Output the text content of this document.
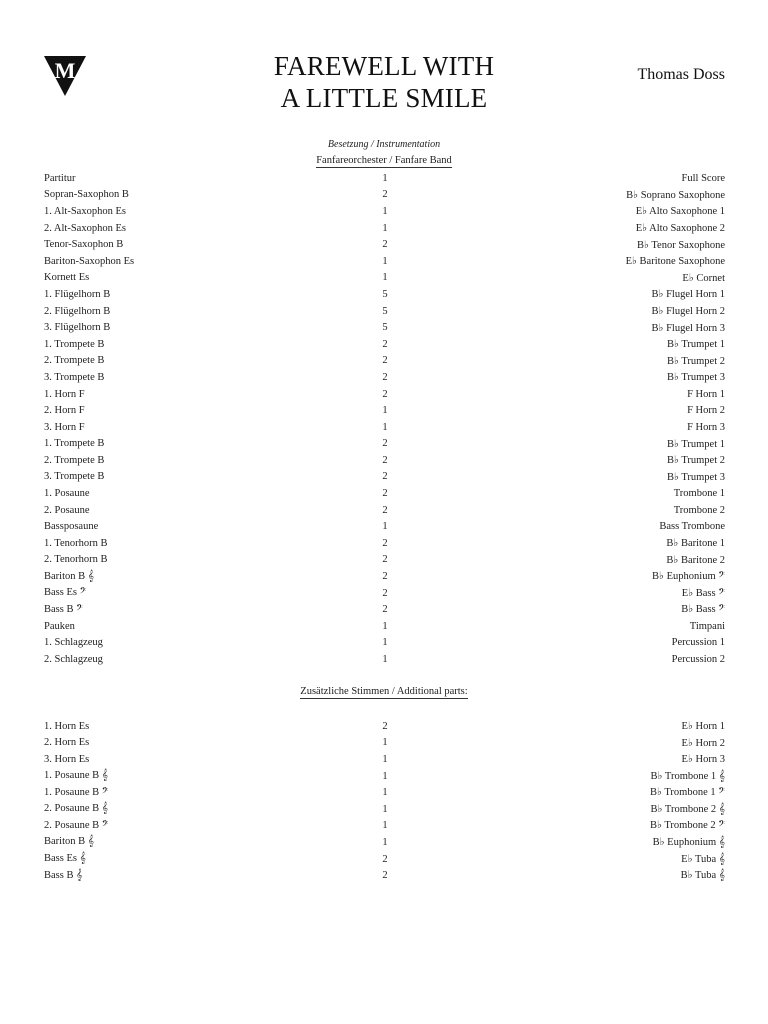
M	FAREWELL WITH
A LITTLE SMILE
Thomas Doss
Besetzung / Instrumentation
Fanfareorchester / Fanfare Band
Partitur	1	Full Score
Sopran-Saxophon B	2	B♭ Soprano Saxophone
1. Alt-Saxophon Es	1	E♭ Alto Saxophone 1
2. Alt-Saxophon Es	1	E♭ Alto Saxophone 2
Tenor-Saxophon B	2	B♭ Tenor Saxophone
Bariton-Saxophon Es	1	E♭ Baritone Saxophone
Kornett Es	1	E♭ Cornet
1. Flügelhorn B	5	B♭ Flugel Horn 1
2. Flügelhorn B	5	B♭ Flugel Horn 2
3. Flügelhorn B	5	B♭ Flugel Horn 3
1. Trompete B	2	B♭ Trumpet 1
2. Trompete B	2	B♭ Trumpet 2
3. Trompete B	2	B♭ Trumpet 3
1. Horn F	2	F Horn 1
2. Horn F	1	F Horn 2
3. Horn F	1	F Horn 3
1. Trompete B	2	B♭ Trumpet 1
2. Trompete B	2	B♭ Trumpet 2
3. Trompete B	2	B♭ Trumpet 3
1. Posaune	2	Trombone 1
2. Posaune	2	Trombone 2
Bassposaune	1	Bass Trombone
1. Tenorhorn B	2	B♭ Baritone 1
2. Tenorhorn B	2	B♭ Baritone 2
Bariton B 𝄞	2	B♭ Euphonium 𝄢
Bass Es 𝄢	2	E♭ Bass 𝄢
Bass B 𝄢	2	B♭ Bass 𝄢
Pauken	1	Timpani
1. Schlagzeug	1	Percussion 1
2. Schlagzeug	1	Percussion 2
Zusätzliche Stimmen / Additional parts:
1. Horn Es	2	E♭ Horn 1
2. Horn Es	1	E♭ Horn 2
3. Horn Es	1	E♭ Horn 3
1. Posaune B 𝄞	1	B♭ Trombone 1 𝄞
1. Posaune B 𝄢	1	B♭ Trombone 1 𝄢
2. Posaune B 𝄞	1	B♭ Trombone 2 𝄞
2. Posaune B 𝄢	1	B♭ Trombone 2 𝄢
Bariton B 𝄞	1	B♭ Euphonium 𝄞
Bass Es 𝄞	2	E♭ Tuba 𝄞
Bass B 𝄞	2	B♭ Tuba 𝄞
